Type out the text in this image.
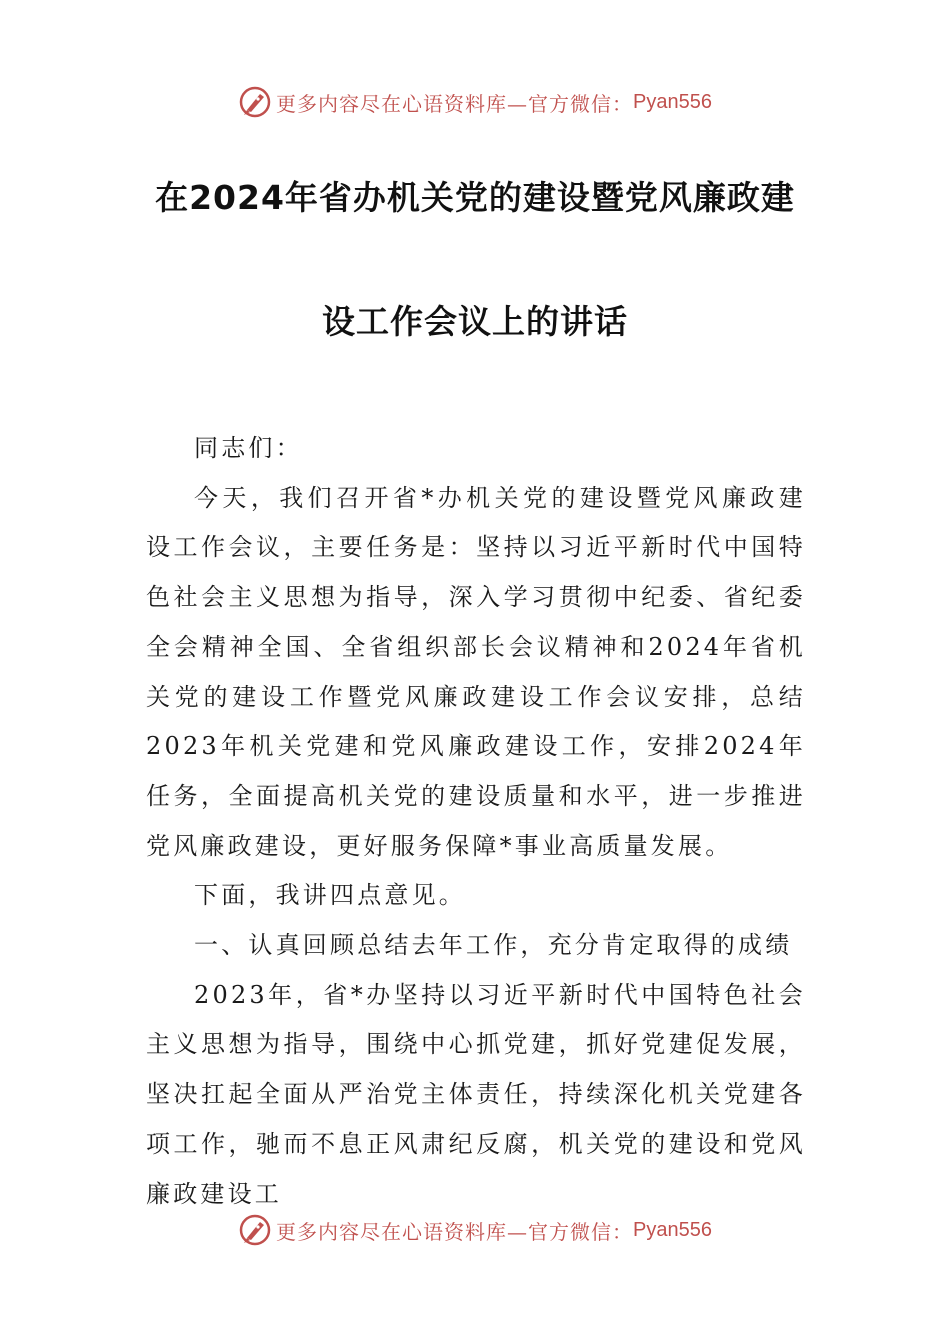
更多内容尽在心语资料库—官方微信： Pyan556
在2024年省办机关党的建设暨党风廉政建
设工作会议上的讲话

同志们：

今天，我们召开省*办机关党的建设暨党风廉政建设工作会议，主要任务是：坚持以习近平新时代中国特色社会主义思想为指导，深入学习贯彻中纪委、省纪委全会精神全国、全省组织部长会议精神和2024年省机关党的建设工作暨党风廉政建设工作会议安排，总结2023年机关党建和党风廉政建设工作，安排2024年任务，全面提高机关党的建设质量和水平，进一步推进党风廉政建设，更好服务保障*事业高质量发展。

下面，我讲四点意见。

一、认真回顾总结去年工作，充分肯定取得的成绩

2023年，省*办坚持以习近平新时代中国特色社会主义思想为指导，围绕中心抓党建，抓好党建促发展，坚决扛起全面从严治党主体责任，持续深化机关党建各项工作，驰而不息正风肃纪反腐，机关党的建设和党风廉政建设工

更多内容尽在心语资料库—官方微信： Pyan556
